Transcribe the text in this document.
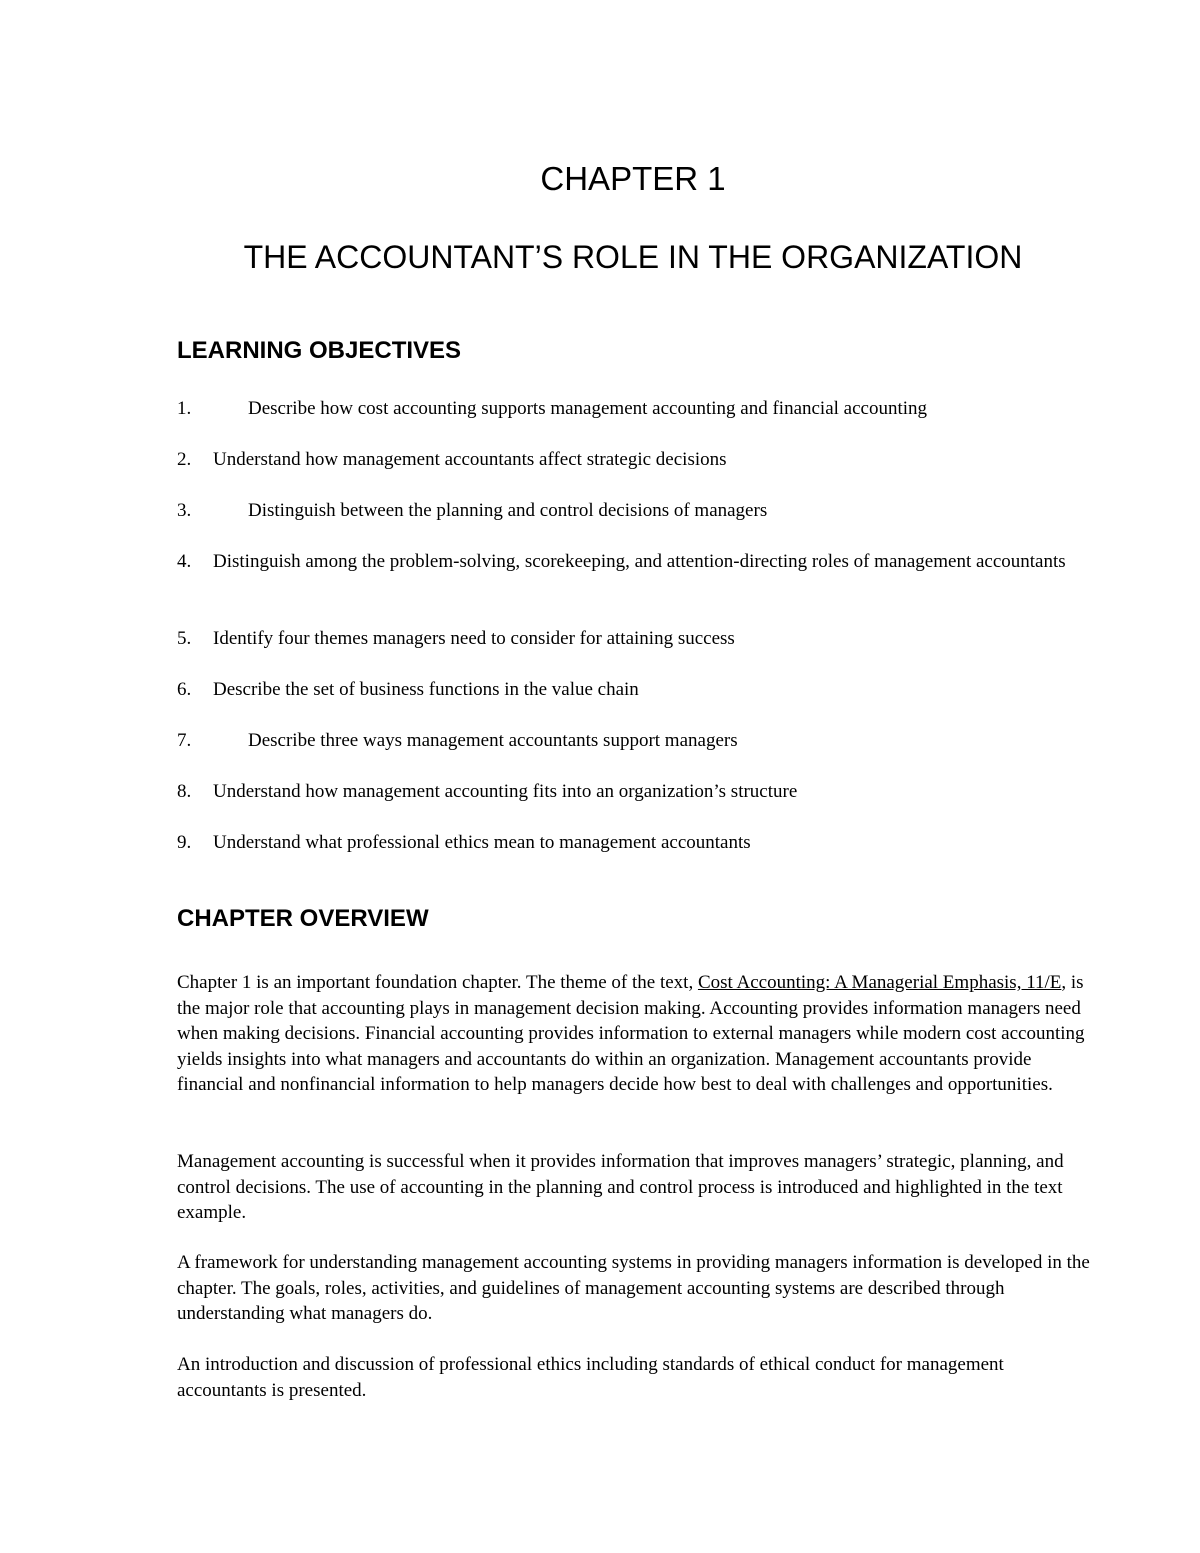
CHAPTER 1
THE ACCOUNTANT’S ROLE IN THE ORGANIZATION
LEARNING OBJECTIVES
1.	Describe how cost accounting supports management accounting and financial accounting
2.	Understand how management accountants affect strategic decisions
3.	Distinguish between the planning and control decisions of managers
4.	Distinguish among the problem-solving, scorekeeping, and attention-directing roles of management accountants
5.	Identify four themes managers need to consider for attaining success
6.	Describe the set of business functions in the value chain
7.	Describe three ways management accountants support managers
8.	Understand how management accounting fits into an organization’s structure
9.	Understand what professional ethics mean to management accountants
CHAPTER OVERVIEW

Chapter 1 is an important foundation chapter. The theme of the text, Cost Accounting: A Managerial Emphasis, 11/E, is the major role that accounting plays in management decision making. Accounting provides information managers need when making decisions. Financial accounting provides information to external managers while modern cost accounting yields insights into what managers and accountants do within an organization. Management accountants provide financial and nonfinancial information to help managers decide how best to deal with challenges and opportunities.

Management accounting is successful when it provides information that improves managers’ strategic, planning, and control decisions. The use of accounting in the planning and control process is introduced and highlighted in the text example.

A framework for understanding management accounting systems in providing managers information is developed in the chapter. The goals, roles, activities, and guidelines of management accounting systems are described through understanding what managers do.

An introduction and discussion of professional ethics including standards of ethical conduct for management accountants is presented.
